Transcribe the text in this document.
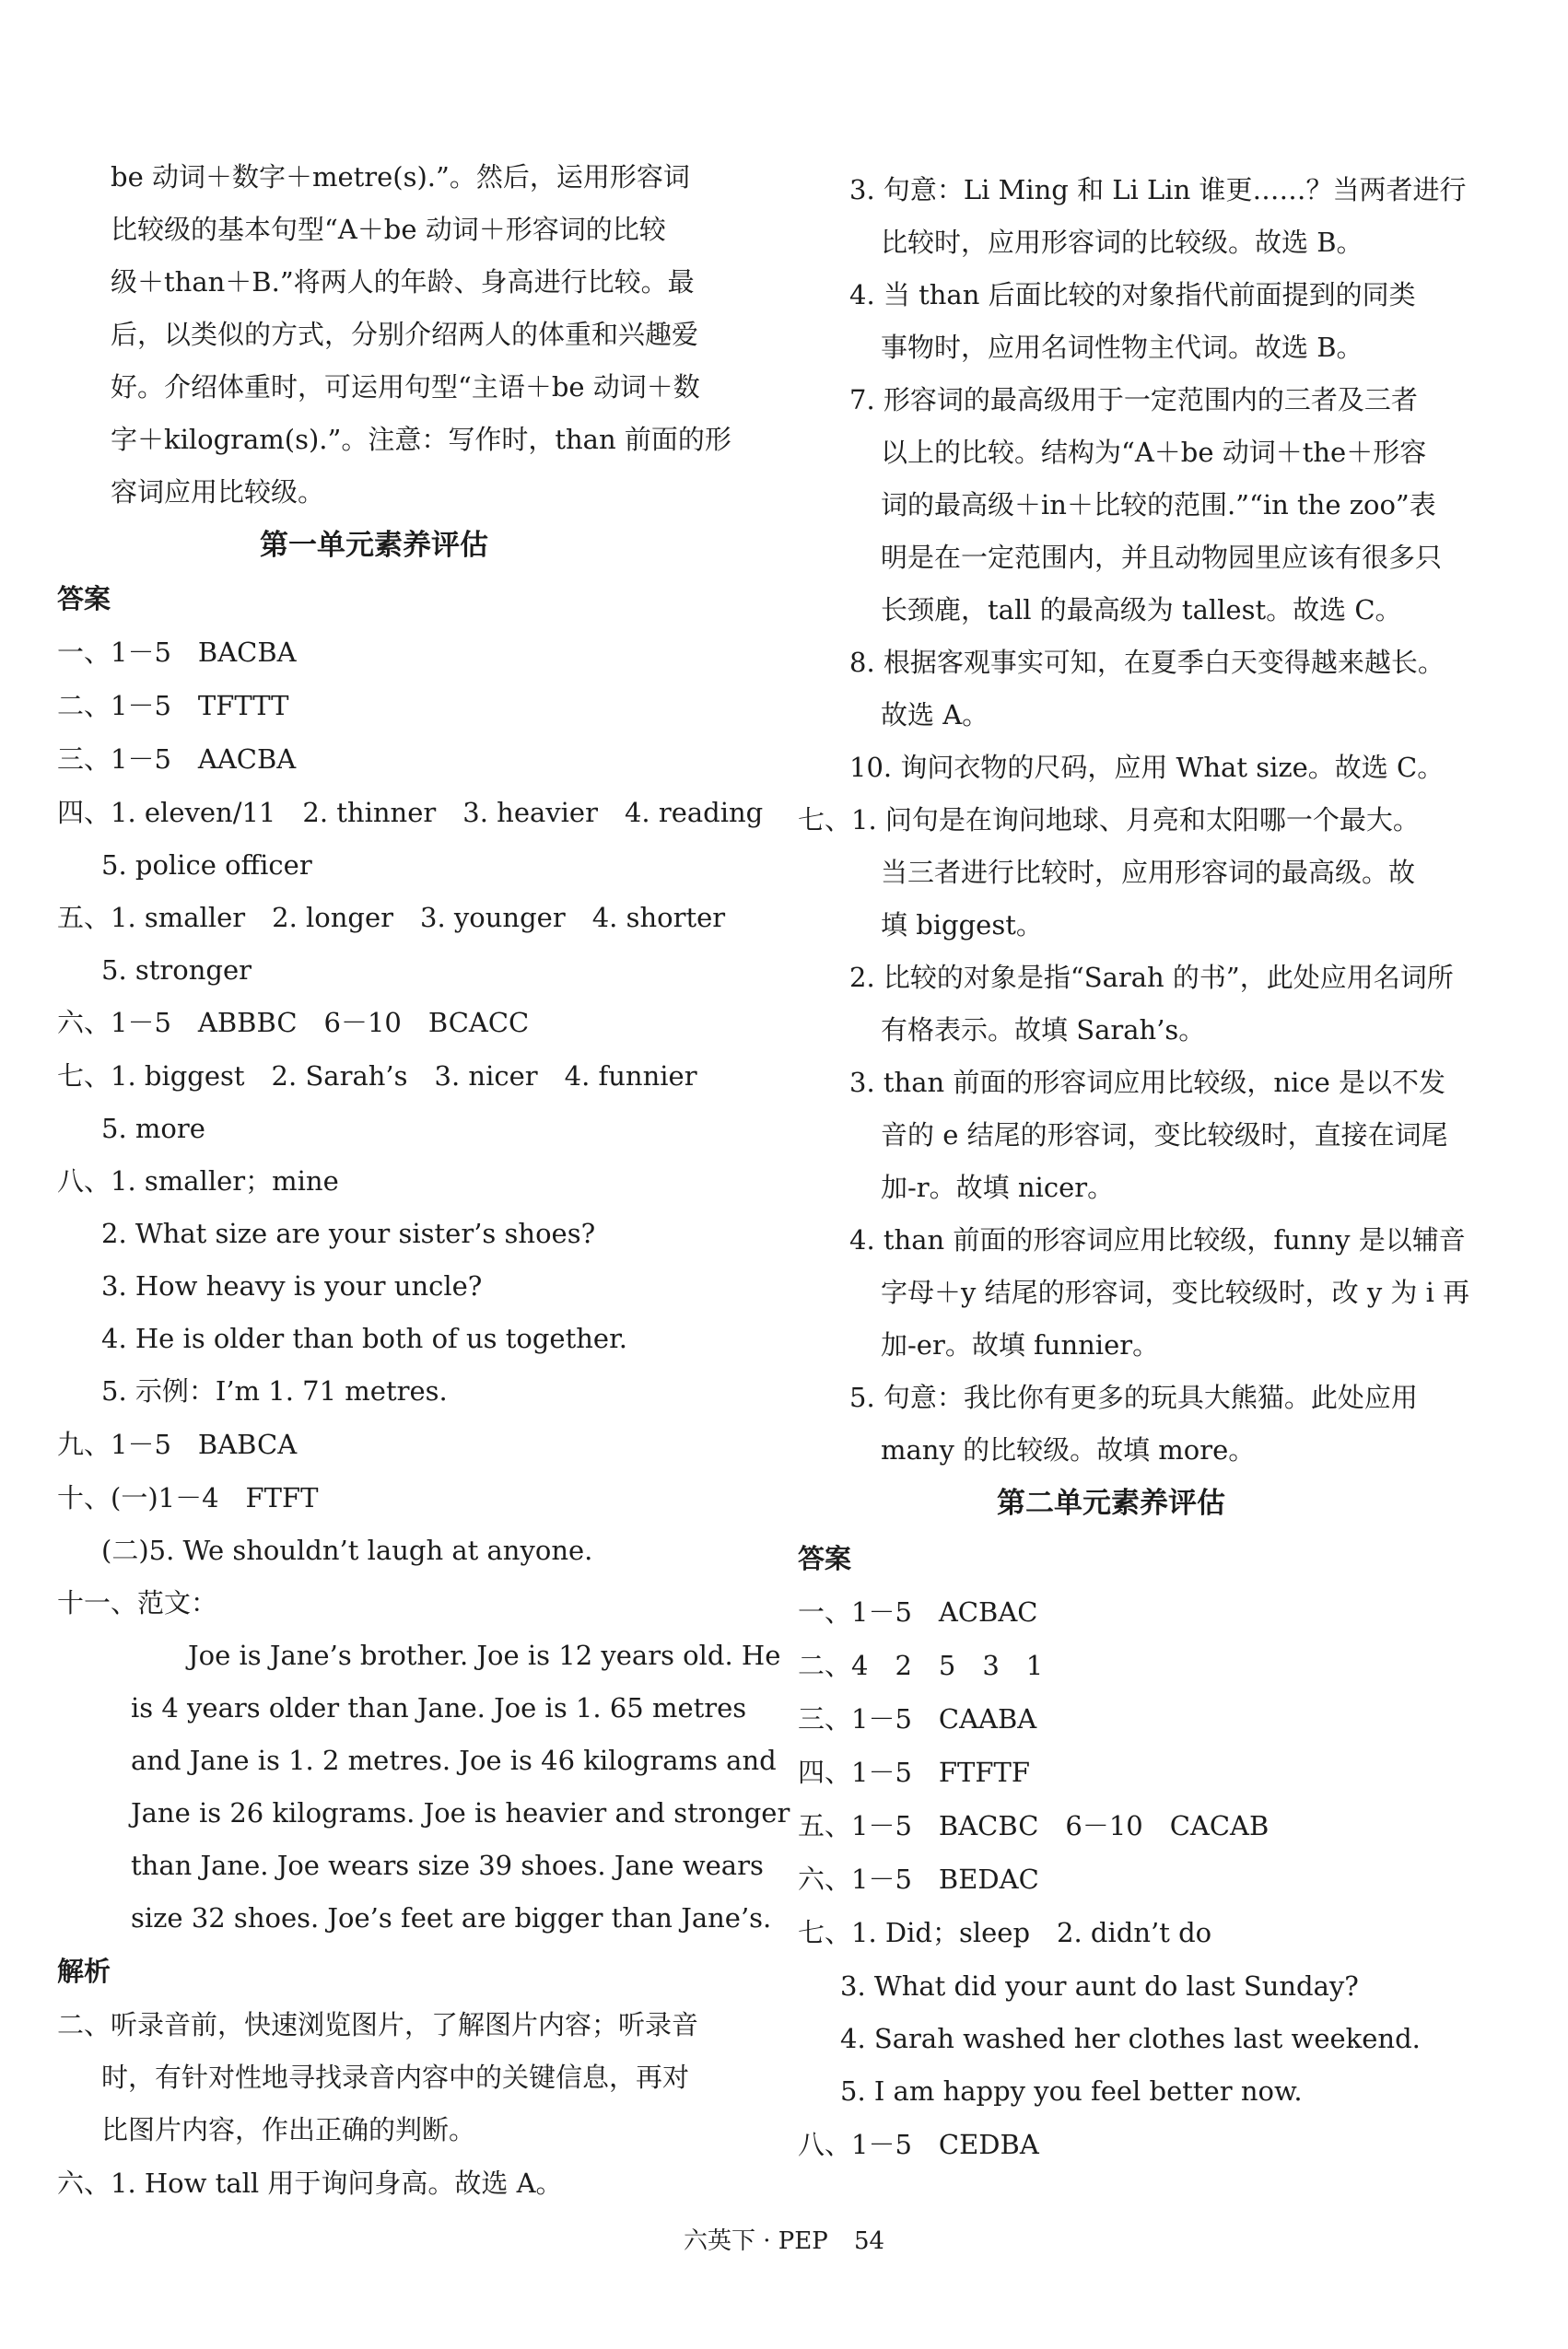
be 动词＋数字＋metre(s).”。然后，运用形容词
比较级的基本句型“A＋be 动词＋形容词的比较
级＋than＋B.”将两人的年龄、身高进行比较。最
后，以类似的方式，分别介绍两人的体重和兴趣爱
好。介绍体重时，可运用句型“主语＋be 动词＋数
字＋kilogram(s).”。注意：写作时，than 前面的形
容词应用比较级。
第一单元素养评估
答案
一、1－5　BACBA
二、1－5　TFTTT
三、1－5　AACBA
四、1. eleven/11　2. thinner　3. heavier　4. reading
5. police officer
五、1. smaller　2. longer　3. younger　4. shorter
5. stronger
六、1－5　ABBBC　6－10　BCACC
七、1. biggest　2. Sarah’s　3. nicer　4. funnier
5. more
八、1. smaller；mine
2. What size are your sister’s shoes?
3. How heavy is your uncle?
4. He is older than both of us together.
5. 示例：I’m 1. 71 metres.
九、1－5　BABCA
十、(一)1－4　FTFT
(二)5. We shouldn’t laugh at anyone.
十一、范文：
Joe is Jane’s brother. Joe is 12 years old. He
is 4 years older than Jane. Joe is 1. 65 metres
and Jane is 1. 2 metres. Joe is 46 kilograms and
Jane is 26 kilograms. Joe is heavier and stronger
than Jane. Joe wears size 39 shoes. Jane wears
size 32 shoes. Joe’s feet are bigger than Jane’s.
解析
二、听录音前，快速浏览图片，了解图片内容；听录音
时，有针对性地寻找录音内容中的关键信息，再对
比图片内容，作出正确的判断。
六、1. How tall 用于询问身高。故选 A。
3. 句意：Li Ming 和 Li Lin 谁更……？当两者进行
比较时，应用形容词的比较级。故选 B。
4. 当 than 后面比较的对象指代前面提到的同类
事物时，应用名词性物主代词。故选 B。
7. 形容词的最高级用于一定范围内的三者及三者
以上的比较。结构为“A＋be 动词＋the＋形容
词的最高级＋in＋比较的范围.”“in the zoo”表
明是在一定范围内，并且动物园里应该有很多只
长颈鹿，tall 的最高级为 tallest。故选 C。
8. 根据客观事实可知，在夏季白天变得越来越长。
故选 A。
10. 询问衣物的尺码，应用 What size。故选 C。
七、1. 问句是在询问地球、月亮和太阳哪一个最大。
当三者进行比较时，应用形容词的最高级。故
填 biggest。
2. 比较的对象是指“Sarah 的书”，此处应用名词所
有格表示。故填 Sarah’s。
3. than 前面的形容词应用比较级，nice 是以不发
音的 e 结尾的形容词，变比较级时，直接在词尾
加-r。故填 nicer。
4. than 前面的形容词应用比较级，funny 是以辅音
字母＋y 结尾的形容词，变比较级时，改 y 为 i 再
加-er。故填 funnier。
5. 句意：我比你有更多的玩具大熊猫。此处应用
many 的比较级。故填 more。
第二单元素养评估
答案
一、1－5　ACBAC
二、4　2　5　3　1
三、1－5　CAABA
四、1－5　FTFTF
五、1－5　BACBC　6－10　CACAB
六、1－5　BEDAC
七、1. Did；sleep　2. didn’t do
3. What did your aunt do last Sunday?
4. Sarah washed her clothes last weekend.
5. I am happy you feel better now.
八、1－5　CEDBA
六英下 · PEP 54
